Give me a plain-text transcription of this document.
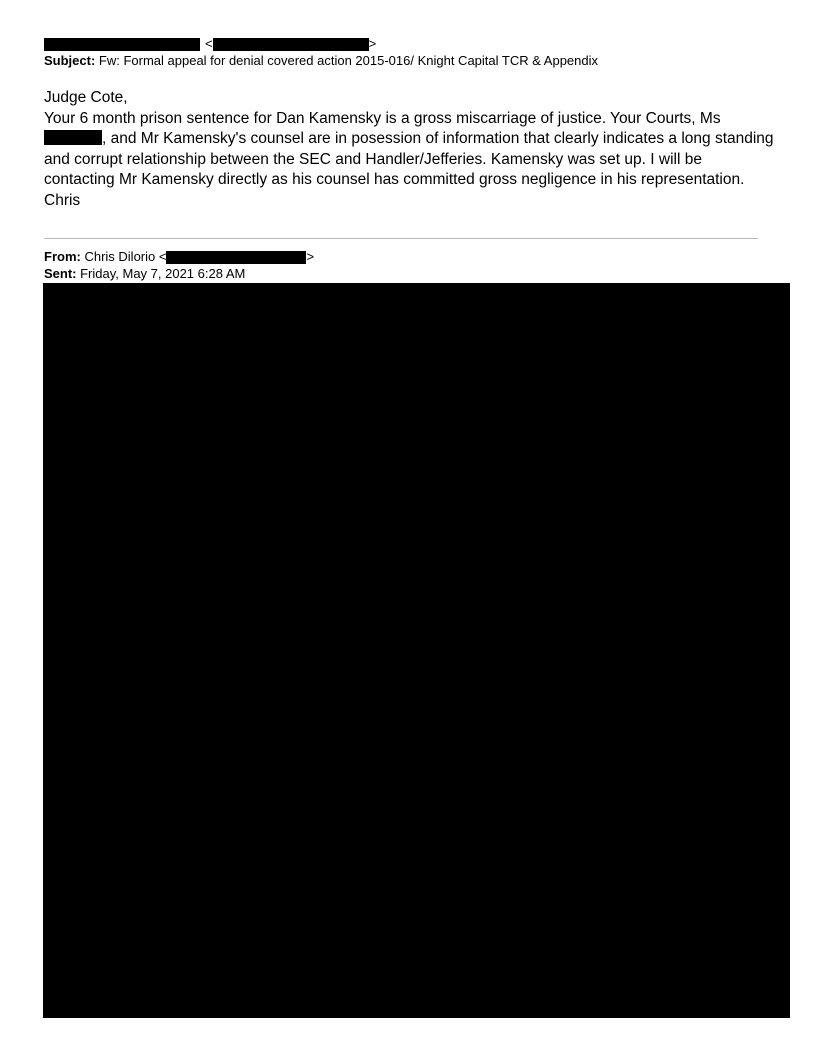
<	>
Subject: Fw: Formal appeal for denial covered action 2015-016/ Knight Capital TCR & Appendix

Judge Cote,

Your 6 month prison sentence for Dan Kamensky is a gross miscarriage of justice. Your Courts, Ms , and Mr Kamensky's counsel are in posession of information that clearly indicates a long standing and corrupt relationship between the SEC and Handler/Jefferies. Kamensky was set up. I will be contacting Mr Kamensky directly as his counsel has committed gross negligence in his representation.

Chris

From: Chris Dilorio <	>
Sent: Friday, May 7, 2021 6:28 AM
